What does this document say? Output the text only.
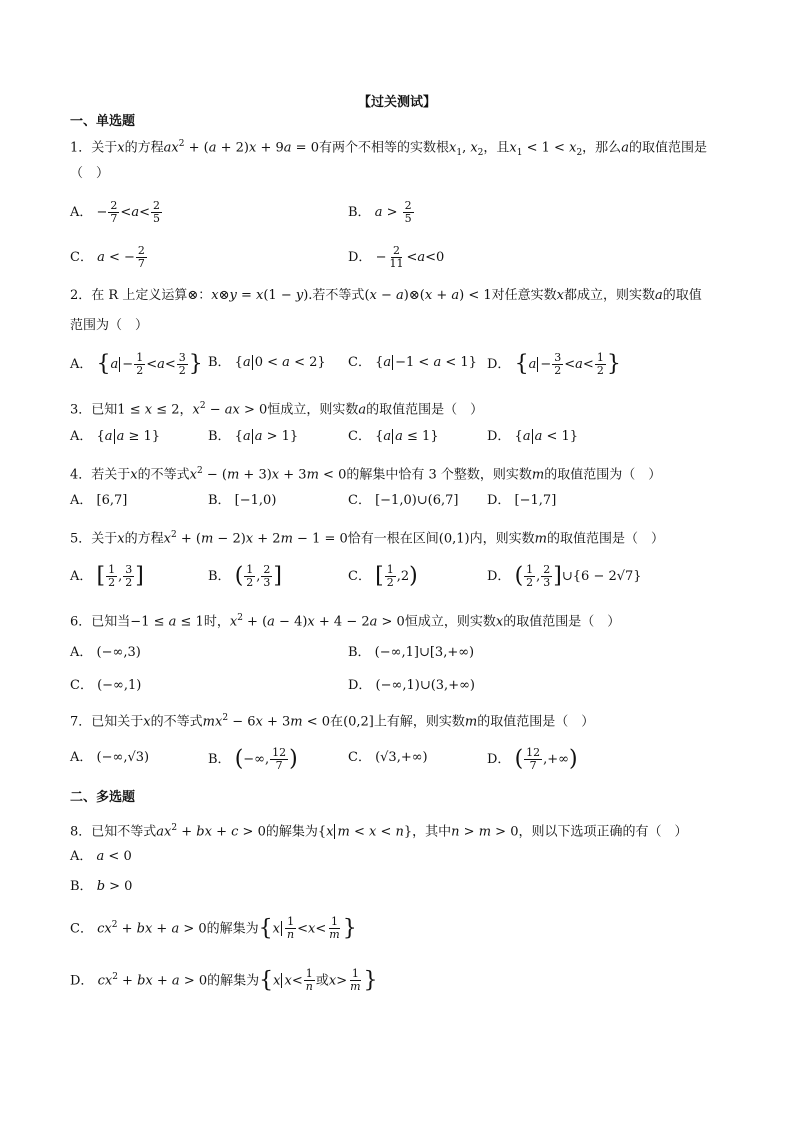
【过关测试】
一、单选题
1．关于x的方程$ax^2 + (a + 2)x + 9a = 0$有两个不相等的实数根$x_1$, $x_2$，且$x_1 < 1 < x_2$，那么a的取值范围是
（　）
A． − $\frac{2}{7} <a< \frac{2}{5}$	B． $a > \frac{2}{5}$
C． a < − $\frac{2}{7}$	D． − $\frac{2}{11} <a<0$
2．在 R 上定义运算⊗：x⊗y = x(1 − y).若不等式(x − a)⊗(x + a) < 1对任意实数x都成立，则实数a的取值
范围为（　）
A． {$a - \frac{1}{2} <a< \frac{3}{2}$ } B． {a 0 < a < 2} C． {a −1 < a < 1} D． {$a - \frac{3}{2} <a< \frac{1}{2}$ }
3．已知1 ≤ x ≤ 2，$x^2$ − ax > 0恒成立，则实数a的取值范围是（　）
A． {a a ≥ 1}	B． {a a > 1}	C． {a a ≤ 1}	D． {a a < 1}
4．若关于x的不等式$x^2 - (m + 3)x + 3m < 0$的解集中恰有 3 个整数，则实数m的取值范围为（　）
A． [6,7]	B． [−1,0)	C． [−1,0)∪(6,7] D． [−1,7]
5．关于x的方程$x^2 + (m - 2)x + 2m - 1 = 0$恰有一根在区间(0,1)内，则实数m的取值范围是（　）
A． [ $\frac{1}{2}$ , $\frac{3}{2}$ ]	B． ( $\frac{1}{2}$ , $\frac{2}{3}$ ]	C． [ $\frac{1}{2} ,2$)	D． ( $\frac{1}{2}$ , $\frac{2}{3}$ ]∪{6 − 2√7}
6．已知当−1 ≤ a ≤ 1时，$x^2 + (a - 4)x + 4 - 2a > 0$恒成立，则实数x的取值范围是（　）
A． (−∞,3)	B． (−∞,1]∪[3,+∞)
C． (−∞,1)	D． (−∞,1)∪(3,+∞)
7．已知关于x的不等式$mx^2 - 6x + 3m < 0$在(0,2]上有解，则实数m的取值范围是（　）
A． (−∞,√3)	B． (−∞, $\frac{12}{7}$ )	C． (√3,+∞)	D． ( $\frac{12}{7}$ ,+∞)
二、多选题
8．已知不等式$ax^2$ + bx + c > 0的解集为{x m < x < n}，其中n > m > 0，则以下选项正确的有（　）
A． a < 0
B． b > 0
C． $cx^2$ + bx + a > 0的解集为{$x \frac{1}{n} <x< \frac{1}{m}$ }
D． $cx^2$ + bx + a > 0的解集为{x $x< \frac{1}{n}$ 或$x> \frac{1}{m}$ }
